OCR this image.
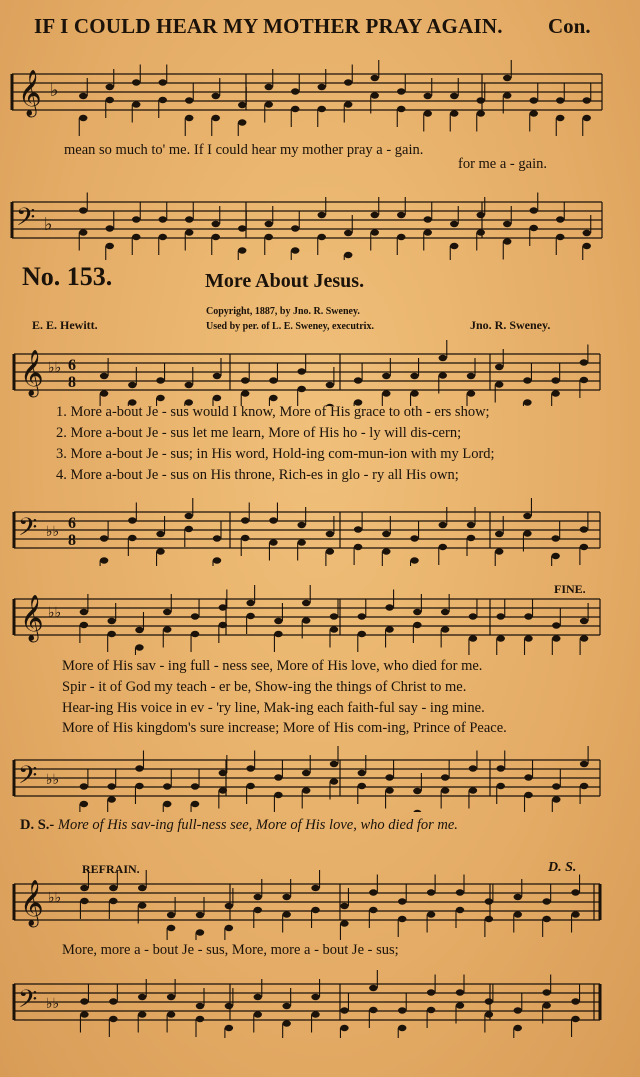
IF I COULD HEAR MY MOTHER PRAY AGAIN. Con.
𝄞 ♭
mean so much to' me. If I could hear my mother pray a - gain.
for me a - gain.
𝄢 ♭
No. 153.	More About Jesus.
Copyright, 1887, by Jno. R. Sweney.
Used by per. of L. E. Sweney, executrix.
E. E. Hewitt.	Jno. R. Sweney.
𝄞 ♭♭ 6
8
1. More a-bout Je - sus would I know, More of His grace to oth - ers show;
2. More a-bout Je - sus let me learn, More of His ho - ly will dis-cern;
3. More a-bout Je - sus; in His word, Hold-ing com-mun-ion with my Lord;
4. More a-bout Je - sus on His throne, Rich-es in glo - ry all His own;
𝄢 ♭♭ 6
8
𝄞 ♭♭
FINE.
More of His sav - ing full - ness see, More of His love, who died for me.
Spir - it of God my teach - er be, Show-ing the things of Christ to me.
Hear-ing His voice in ev - 'ry line, Mak-ing each faith-ful say - ing mine.
More of His kingdom's sure increase; More of His com-ing, Prince of Peace.
𝄢 ♭♭
D. S.- More of His sav-ing full-ness see, More of His love, who died for me.
REFRAIN.	D. S.
𝄞 ♭♭
More, more a - bout Je - sus, More, more a - bout Je - sus;
𝄢 ♭♭
